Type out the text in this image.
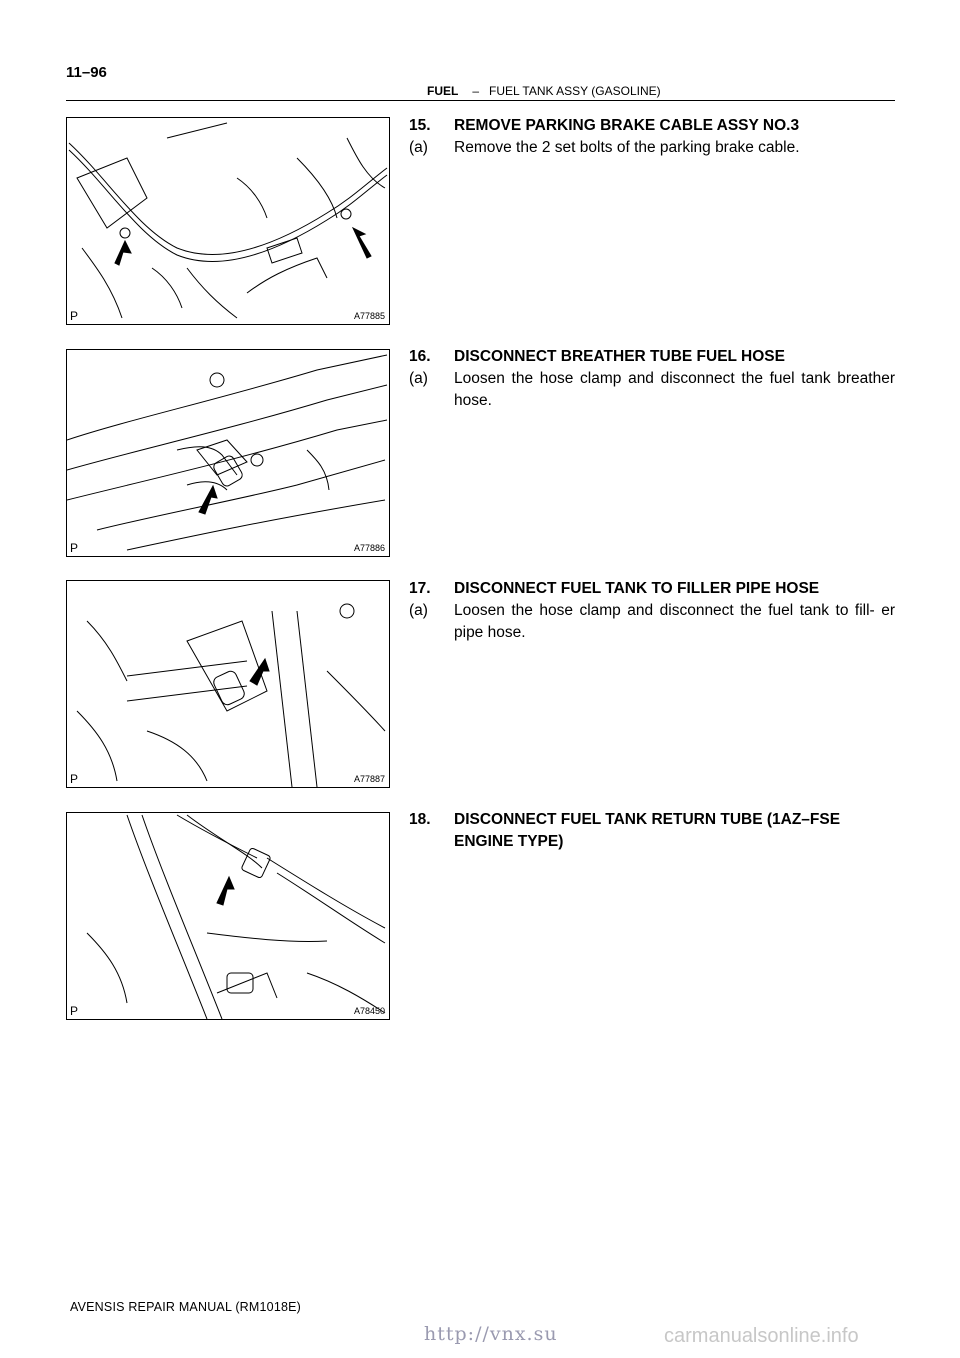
11–96
FUEL – FUEL TANK ASSY (GASOLINE)
P	A77885
P	A77886
P	A77887
P	A78450
15.	REMOVE PARKING BRAKE CABLE ASSY NO.3
(a)	Remove the 2 set bolts of the parking brake cable.
16.	DISCONNECT BREATHER TUBE FUEL HOSE
(a)	Loosen the hose clamp and disconnect the fuel tank breather hose.
17.	DISCONNECT FUEL TANK TO FILLER PIPE HOSE
(a)	Loosen the hose clamp and disconnect the fuel tank to fill- er pipe hose.
18.	DISCONNECT FUEL TANK RETURN TUBE (1AZ–FSE ENGINE TYPE)
AVENSIS REPAIR MANUAL (RM1018E)
http://vnx.su	carmanualsonline.info
